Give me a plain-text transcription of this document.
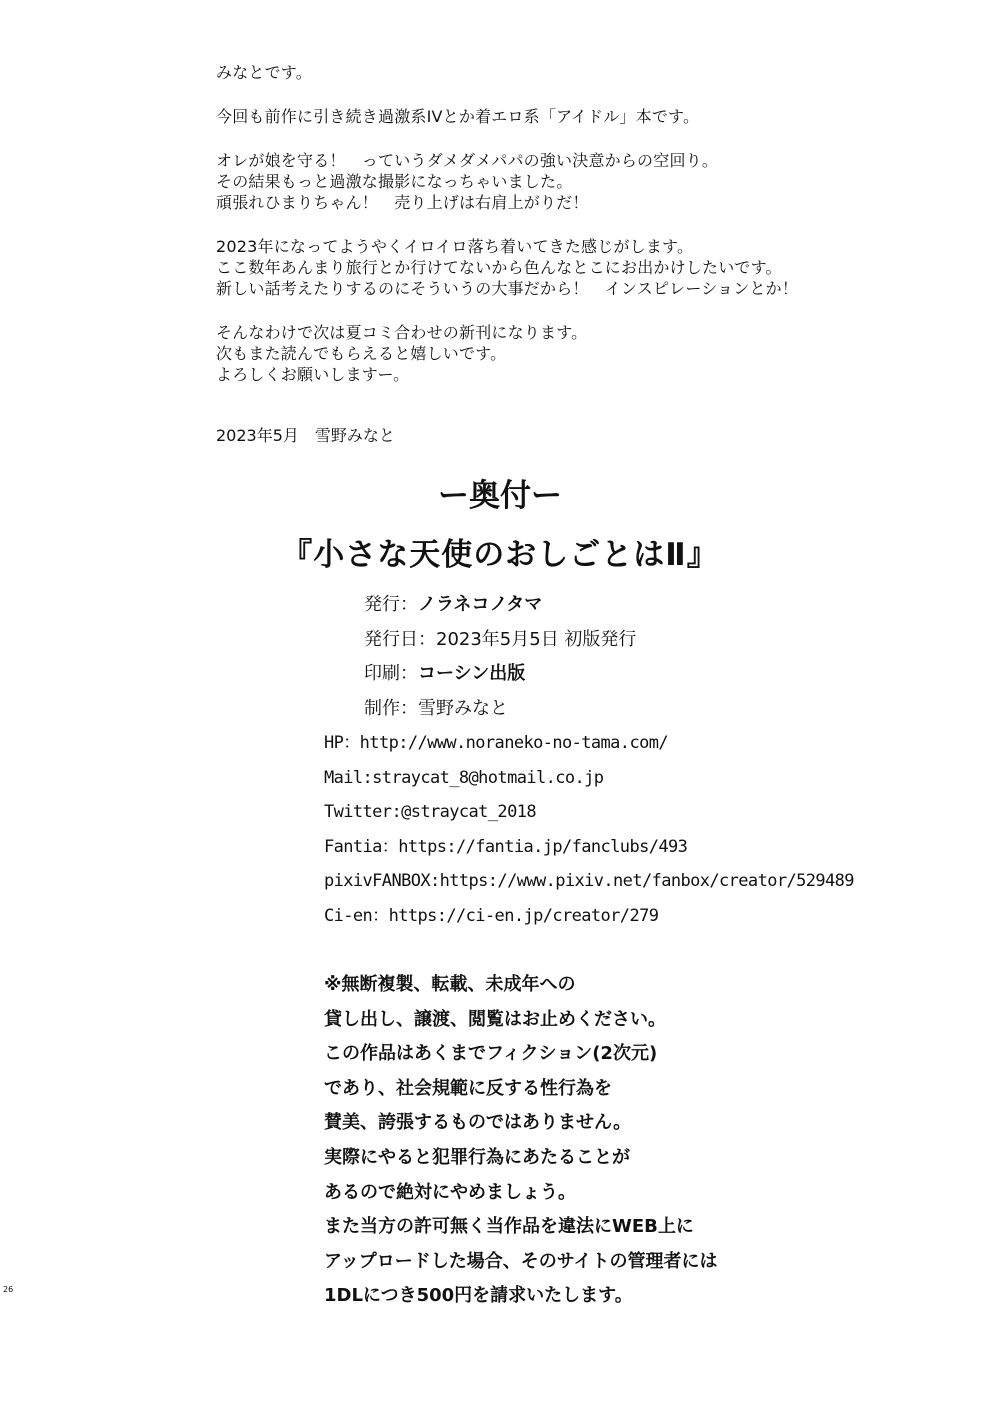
みなとです。
今回も前作に引き続き過激系IVとか着エロ系「アイドル」本です。
オレが娘を守る！　っていうダメダメパパの強い決意からの空回り。
その結果もっと過激な撮影になっちゃいました。
頑張れひまりちゃん！　売り上げは右肩上がりだ！
2023年になってようやくイロイロ落ち着いてきた感じがします。
ここ数年あんまり旅行とか行けてないから色んなとこにお出かけしたいです。
新しい話考えたりするのにそういうの大事だから！　インスピレーションとか！
そんなわけで次は夏コミ合わせの新刊になります。
次もまた読んでもらえると嬉しいです。
よろしくお願いしますー。
2023年5月　雪野みなと
ー奥付ー
『小さな天使のおしごとはⅡ』
発行：ノラネコノタマ
発行日：2023年5月5日 初版発行
印刷：コーシン出版
制作：雪野みなと
HP：http://www.noraneko-no-tama.com/
Mail:straycat_8@hotmail.co.jp
Twitter:@straycat_2018
Fantia：https://fantia.jp/fanclubs/493
pixivFANBOX:https://www.pixiv.net/fanbox/creator/529489
Ci-en：https://ci-en.jp/creator/279
※無断複製、転載、未成年への
貸し出し、譲渡、閲覧はお止めください。
この作品はあくまでフィクション(2次元)
であり、社会規範に反する性行為を
賛美、誇張するものではありません。
実際にやると犯罪行為にあたることが
あるので絶対にやめましょう。
また当方の許可無く当作品を違法にWEB上に
アップロードした場合、そのサイトの管理者には
1DLにつき500円を請求いたします。
26
